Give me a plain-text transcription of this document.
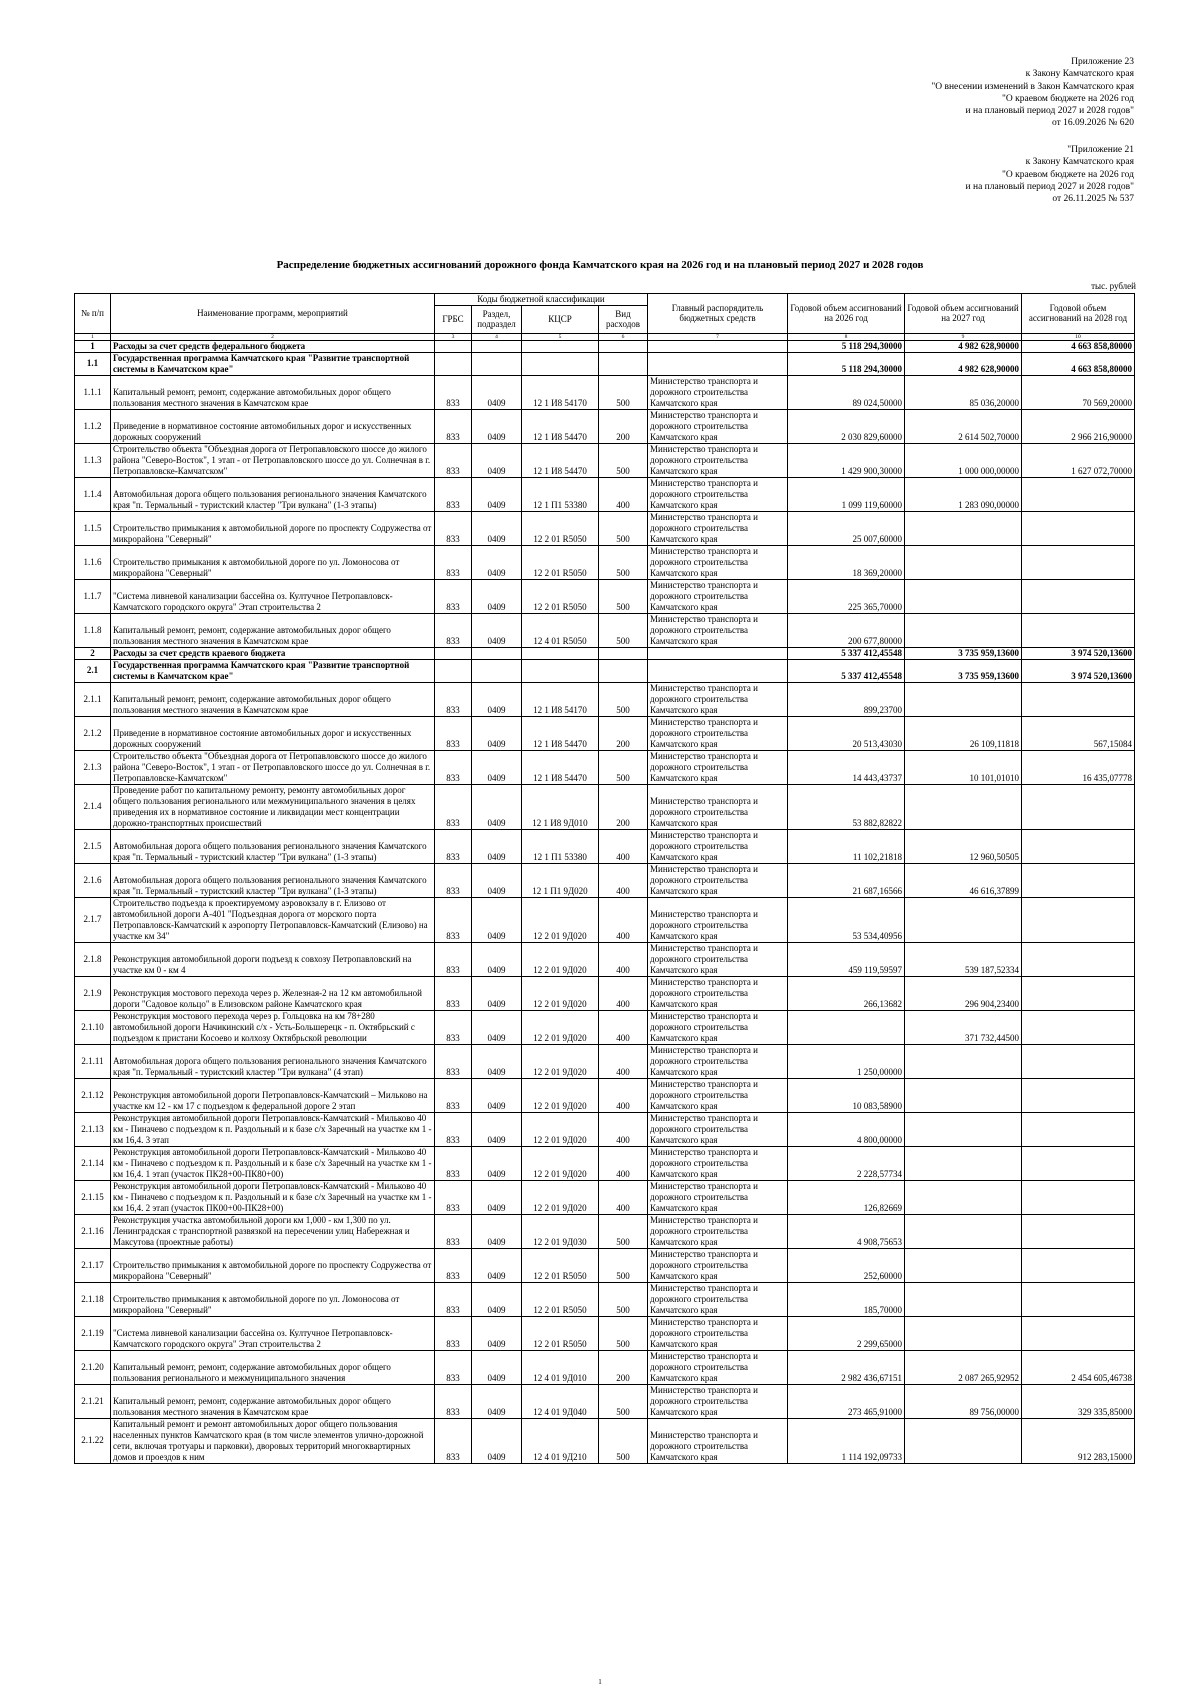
Приложение 23
к Закону Камчатского края
"О внесении изменений в Закон Камчатского края
"О краевом бюджете на 2026 год
и на плановый период 2027 и 2028 годов"
от 16.09.2026 № 620
"Приложение 21
к Закону Камчатского края
"О краевом бюджете на 2026 год
и на плановый период 2027 и 2028 годов"
от 26.11.2025 № 537
Распределение бюджетных ассигнований дорожного фонда Камчатского края на 2026 год и на плановый период 2027 и 2028 годов
тыс. рублей
№ п/п	Наименование программ, мероприятий	Коды бюджетной классификации				Главный распорядитель бюджетных средств	Годовой объем ассигнований на 2026 год	Годовой объем ассигнований на 2027 год	Годовой объем ассигнований на 2028 год
		ГРБС	Раздел, подраздел	КЦСР	Вид расходов				
1	2	3	4	5	6	7	8	9	10
1	Расходы за счет средств федерального бюджета						5 118 294,30000	4 982 628,90000	4 663 858,80000
1.1	Государственная программа Камчатского края "Развитие транспортной системы в Камчатском крае"						5 118 294,30000	4 982 628,90000	4 663 858,80000
1.1.1	Капитальный ремонт, ремонт, содержание автомобильных дорог общего пользования местного значения в Камчатском крае	833	0409	12 1 И8 54170	500	Министерство транспорта и дорожного строительства Камчатского края	89 024,50000	85 036,20000	70 569,20000
1.1.2	Приведение в нормативное состояние автомобильных дорог и искусственных дорожных сооружений	833	0409	12 1 И8 54470	200	Министерство транспорта и дорожного строительства Камчатского края	2 030 829,60000	2 614 502,70000	2 966 216,90000
1.1.3	Строительство объекта "Объездная дорога от Петропавловского шоссе до жилого района "Северо-Восток", 1 этап - от Петропавловского шоссе до ул. Солнечная в г. Петропавловске-Камчатском"	833	0409	12 1 И8 54470	500	Министерство транспорта и дорожного строительства Камчатского края	1 429 900,30000	1 000 000,00000	1 627 072,70000
1.1.4	Автомобильная дорога общего пользования регионального значения Камчатского края "п. Термальный - туристский кластер "Три вулкана" (1-3 этапы)	833	0409	12 1 П1 53380	400	Министерство транспорта и дорожного строительства Камчатского края	1 099 119,60000	1 283 090,00000	
1.1.5	Строительство примыкания к автомобильной дороге по проспекту Содружества от микрорайона "Северный"	833	0409	12 2 01 R5050	500	Министерство транспорта и дорожного строительства Камчатского края	25 007,60000		
1.1.6	Строительство примыкания к автомобильной дороге по ул. Ломоносова от микрорайона "Северный"	833	0409	12 2 01 R5050	500	Министерство транспорта и дорожного строительства Камчатского края	18 369,20000		
1.1.7	"Система ливневой канализации бассейна оз. Култучное Петропавловск-Камчатского городского округа" Этап строительства 2	833	0409	12 2 01 R5050	500	Министерство транспорта и дорожного строительства Камчатского края	225 365,70000		
1.1.8	Капитальный ремонт, ремонт, содержание автомобильных дорог общего пользования местного значения в Камчатском крае	833	0409	12 4 01 R5050	500	Министерство транспорта и дорожного строительства Камчатского края	200 677,80000		
2	Расходы за счет средств краевого бюджета						5 337 412,45548	3 735 959,13600	3 974 520,13600
2.1	Государственная программа Камчатского края "Развитие транспортной системы в Камчатском крае"						5 337 412,45548	3 735 959,13600	3 974 520,13600
2.1.1	Капитальный ремонт, ремонт, содержание автомобильных дорог общего пользования местного значения в Камчатском крае	833	0409	12 1 И8 54170	500	Министерство транспорта и дорожного строительства Камчатского края	899,23700		
2.1.2	Приведение в нормативное состояние автомобильных дорог и искусственных дорожных сооружений	833	0409	12 1 И8 54470	200	Министерство транспорта и дорожного строительства Камчатского края	20 513,43030	26 109,11818	567,15084
2.1.3	Строительство объекта "Объездная дорога от Петропавловского шоссе до жилого района "Северо-Восток", 1 этап - от Петропавловского шоссе до ул. Солнечная в г. Петропавловске-Камчатском"	833	0409	12 1 И8 54470	500	Министерство транспорта и дорожного строительства Камчатского края	14 443,43737	10 101,01010	16 435,07778
2.1.4	Проведение работ по капитальному ремонту, ремонту автомобильных дорог общего пользования регионального или межмуниципального значения в целях приведения их в нормативное состояние и ликвидации мест концентрации дорожно-транспортных происшествий	833	0409	12 1 И8 9Д010	200	Министерство транспорта и дорожного строительства Камчатского края	53 882,82822		
2.1.5	Автомобильная дорога общего пользования регионального значения Камчатского края "п. Термальный - туристский кластер "Три вулкана" (1-3 этапы)	833	0409	12 1 П1 53380	400	Министерство транспорта и дорожного строительства Камчатского края	11 102,21818	12 960,50505	
2.1.6	Автомобильная дорога общего пользования регионального значения Камчатского края "п. Термальный - туристский кластер "Три вулкана" (1-3 этапы)	833	0409	12 1 П1 9Д020	400	Министерство транспорта и дорожного строительства Камчатского края	21 687,16566	46 616,37899	
2.1.7	Строительство подъезда к проектируемому аэровокзалу в г. Елизово от автомобильной дороги А-401 "Подъездная дорога от морского порта Петропавловск-Камчатский к аэропорту Петропавловск-Камчатский (Елизово) на участке км 34"	833	0409	12 2 01 9Д020	400	Министерство транспорта и дорожного строительства Камчатского края	53 534,40956		
2.1.8	Реконструкция автомобильной дороги подъезд к совхозу Петропавловский на участке км 0 - км 4	833	0409	12 2 01 9Д020	400	Министерство транспорта и дорожного строительства Камчатского края	459 119,59597	539 187,52334	
2.1.9	Реконструкция мостового перехода через р. Железная-2 на 12 км автомобильной дороги "Садовое кольцо" в Елизовском районе Камчатского края	833	0409	12 2 01 9Д020	400	Министерство транспорта и дорожного строительства Камчатского края	266,13682	296 904,23400	
2.1.10	Реконструкция мостового перехода через р. Гольцовка на км 78+280 автомобильной дороги Начикинский с/х - Усть-Большерецк - п. Октябрьский с подъездом к пристани Косоево и колхозу Октябрьской революции	833	0409	12 2 01 9Д020	400	Министерство транспорта и дорожного строительства Камчатского края		371 732,44500	
2.1.11	Автомобильная дорога общего пользования регионального значения Камчатского края "п. Термальный - туристский кластер "Три вулкана" (4 этап)	833	0409	12 2 01 9Д020	400	Министерство транспорта и дорожного строительства Камчатского края	1 250,00000		
2.1.12	Реконструкция автомобильной дороги Петропавловск-Камчатский – Мильково на участке км 12 - км 17 с подъездом к федеральной дороге 2 этап	833	0409	12 2 01 9Д020	400	Министерство транспорта и дорожного строительства Камчатского края	10 083,58900		
2.1.13	Реконструкция автомобильной дороги Петропавловск-Камчатский - Мильково 40 км - Пиначево с подъездом к п. Раздольный и к базе с/х Заречный на участке км 1 - км 16,4. 3 этап	833	0409	12 2 01 9Д020	400	Министерство транспорта и дорожного строительства Камчатского края	4 800,00000		
2.1.14	Реконструкция автомобильной дороги Петропавловск-Камчатский - Мильково 40 км - Пиначево с подъездом к п. Раздольный и к базе с/х Заречный на участке км 1 - км 16,4. 1 этап (участок ПК28+00-ПК80+00)	833	0409	12 2 01 9Д020	400	Министерство транспорта и дорожного строительства Камчатского края	2 228,57734		
2.1.15	Реконструкция автомобильной дороги Петропавловск-Камчатский - Мильково 40 км - Пиначево с подъездом к п. Раздольный и к базе с/х Заречный на участке км 1 - км 16,4. 2 этап (участок ПК00+00-ПК28+00)	833	0409	12 2 01 9Д020	400	Министерство транспорта и дорожного строительства Камчатского края	126,82669		
2.1.16	Реконструкция участка автомобильной дороги км 1,000 - км 1,300 по ул. Ленинградская с транспортной развязкой на пересечении улиц Набережная и Максутова (проектные работы)	833	0409	12 2 01 9Д030	500	Министерство транспорта и дорожного строительства Камчатского края	4 908,75653		
2.1.17	Строительство примыкания к автомобильной дороге по проспекту Содружества от микрорайона "Северный"	833	0409	12 2 01 R5050	500	Министерство транспорта и дорожного строительства Камчатского края	252,60000		
2.1.18	Строительство примыкания к автомобильной дороге по ул. Ломоносова от микрорайона "Северный"	833	0409	12 2 01 R5050	500	Министерство транспорта и дорожного строительства Камчатского края	185,70000		
2.1.19	"Система ливневой канализации бассейна оз. Култучное Петропавловск-Камчатского городского округа" Этап строительства 2	833	0409	12 2 01 R5050	500	Министерство транспорта и дорожного строительства Камчатского края	2 299,65000		
2.1.20	Капитальный ремонт, ремонт, содержание автомобильных дорог общего пользования регионального и межмуниципального значения	833	0409	12 4 01 9Д010	200	Министерство транспорта и дорожного строительства Камчатского края	2 982 436,67151	2 087 265,92952	2 454 605,46738
2.1.21	Капитальный ремонт, ремонт, содержание автомобильных дорог общего пользования местного значения в Камчатском крае	833	0409	12 4 01 9Д040	500	Министерство транспорта и дорожного строительства Камчатского края	273 465,91000	89 756,00000	329 335,85000
2.1.22	Капитальный ремонт и ремонт автомобильных дорог общего пользования населенных пунктов Камчатского края (в том числе элементов улично-дорожной сети, включая тротуары и парковки), дворовых территорий многоквартирных домов и проездов к ним	833	0409	12 4 01 9Д210	500	Министерство транспорта и дорожного строительства Камчатского края	1 114 192,09733		912 283,15000
1
